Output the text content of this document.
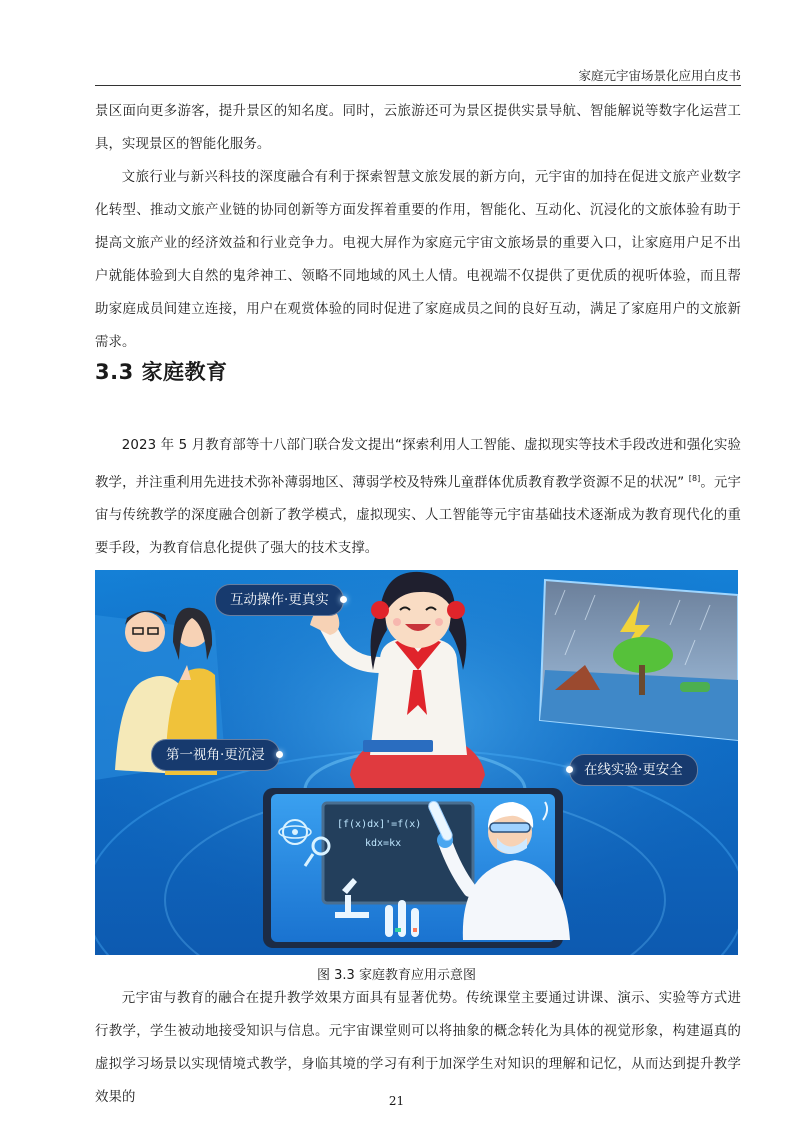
家庭元宇宙场景化应用白皮书

景区面向更多游客，提升景区的知名度。同时，云旅游还可为景区提供实景导航、智能解说等数字化运营工具，实现景区的智能化服务。

文旅行业与新兴科技的深度融合有利于探索智慧文旅发展的新方向，元宇宙的加持在促进文旅产业数字化转型、推动文旅产业链的协同创新等方面发挥着重要的作用，智能化、互动化、沉浸化的文旅体验有助于提高文旅产业的经济效益和行业竞争力。电视大屏作为家庭元宇宙文旅场景的重要入口，让家庭用户足不出户就能体验到大自然的鬼斧神工、领略不同地域的风土人情。电视端不仅提供了更优质的视听体验，而且帮助家庭成员间建立连接，用户在观赏体验的同时促进了家庭成员之间的良好互动，满足了家庭用户的文旅新需求。

3.3 家庭教育

2023 年 5 月教育部等十八部门联合发文提出“探索利用人工智能、虚拟现实等技术手段改进和强化实验教学，并注重利用先进技术弥补薄弱地区、薄弱学校及特殊儿童群体优质教育教学资源不足的状况” [8]。元宇宙与传统教学的深度融合创新了教学模式，虚拟现实、人工智能等元宇宙基础技术逐渐成为教育现代化的重要手段，为教育信息化提供了强大的技术支撑。

[f(x)dx]'=f(x)
kdx=kx
互动操作·更真实
第一视角·更沉浸
在线实验·更安全

图 3.3 家庭教育应用示意图

元宇宙与教育的融合在提升教学效果方面具有显著优势。传统课堂主要通过讲课、演示、实验等方式进行教学，学生被动地接受知识与信息。元宇宙课堂则可以将抽象的概念转化为具体的视觉形象，构建逼真的虚拟学习场景以实现情境式教学，身临其境的学习有利于加深学生对知识的理解和记忆，从而达到提升教学效果的	21
